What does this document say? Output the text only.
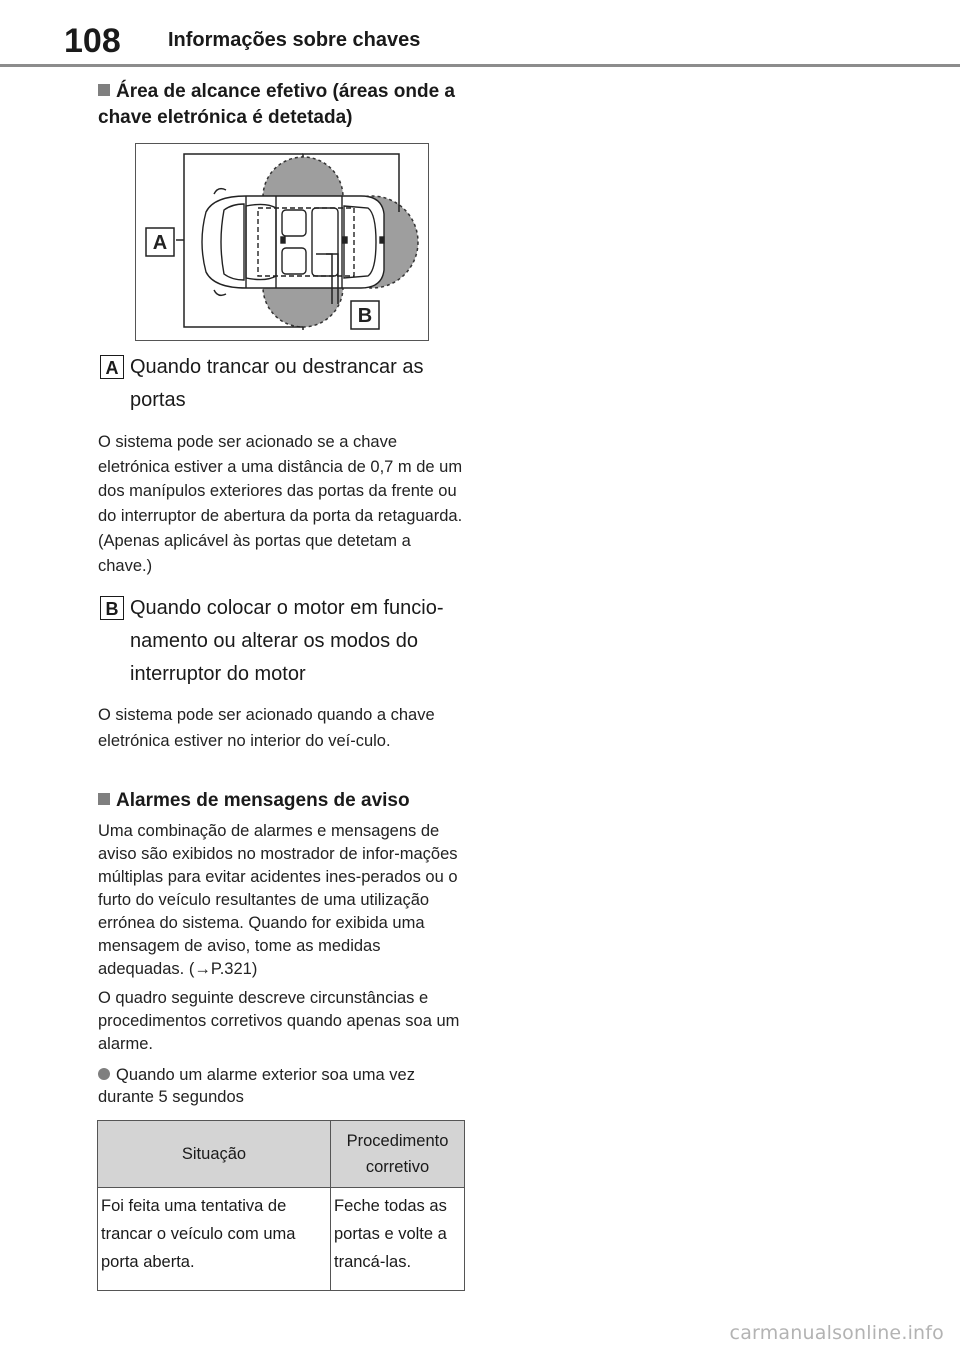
108 Informações sobre chaves
Área de alcance efetivo (áreas onde a chave eletrónica é detetada)
A
B
A Quando trancar ou destrancar as portas
O sistema pode ser acionado se a chave eletrónica estiver a uma distância de 0,7 m de um dos manípulos exteriores das portas da frente ou do interruptor de abertura da porta da retaguarda. (Apenas aplicável às portas que detetam a chave.)
B Quando colocar o motor em funcio-namento ou alterar os modos do interruptor do motor
O sistema pode ser acionado quando a chave eletrónica estiver no interior do veí-culo.
Alarmes de mensagens de aviso
Uma combinação de alarmes e mensagens de aviso são exibidos no mostrador de infor-mações múltiplas para evitar acidentes ines-perados ou o furto do veículo resultantes de uma utilização errónea do sistema. Quando for exibida uma mensagem de aviso, tome as medidas adequadas. (→P.321)
O quadro seguinte descreve circunstâncias e procedimentos corretivos quando apenas soa um alarme.
Quando um alarme exterior soa uma vez durante 5 segundos
Situação	Procedimento corretivo
Foi feita uma tentativa de trancar o veículo com uma porta aberta.	Feche todas as portas e volte a trancá-las.
carmanualsonline.info
